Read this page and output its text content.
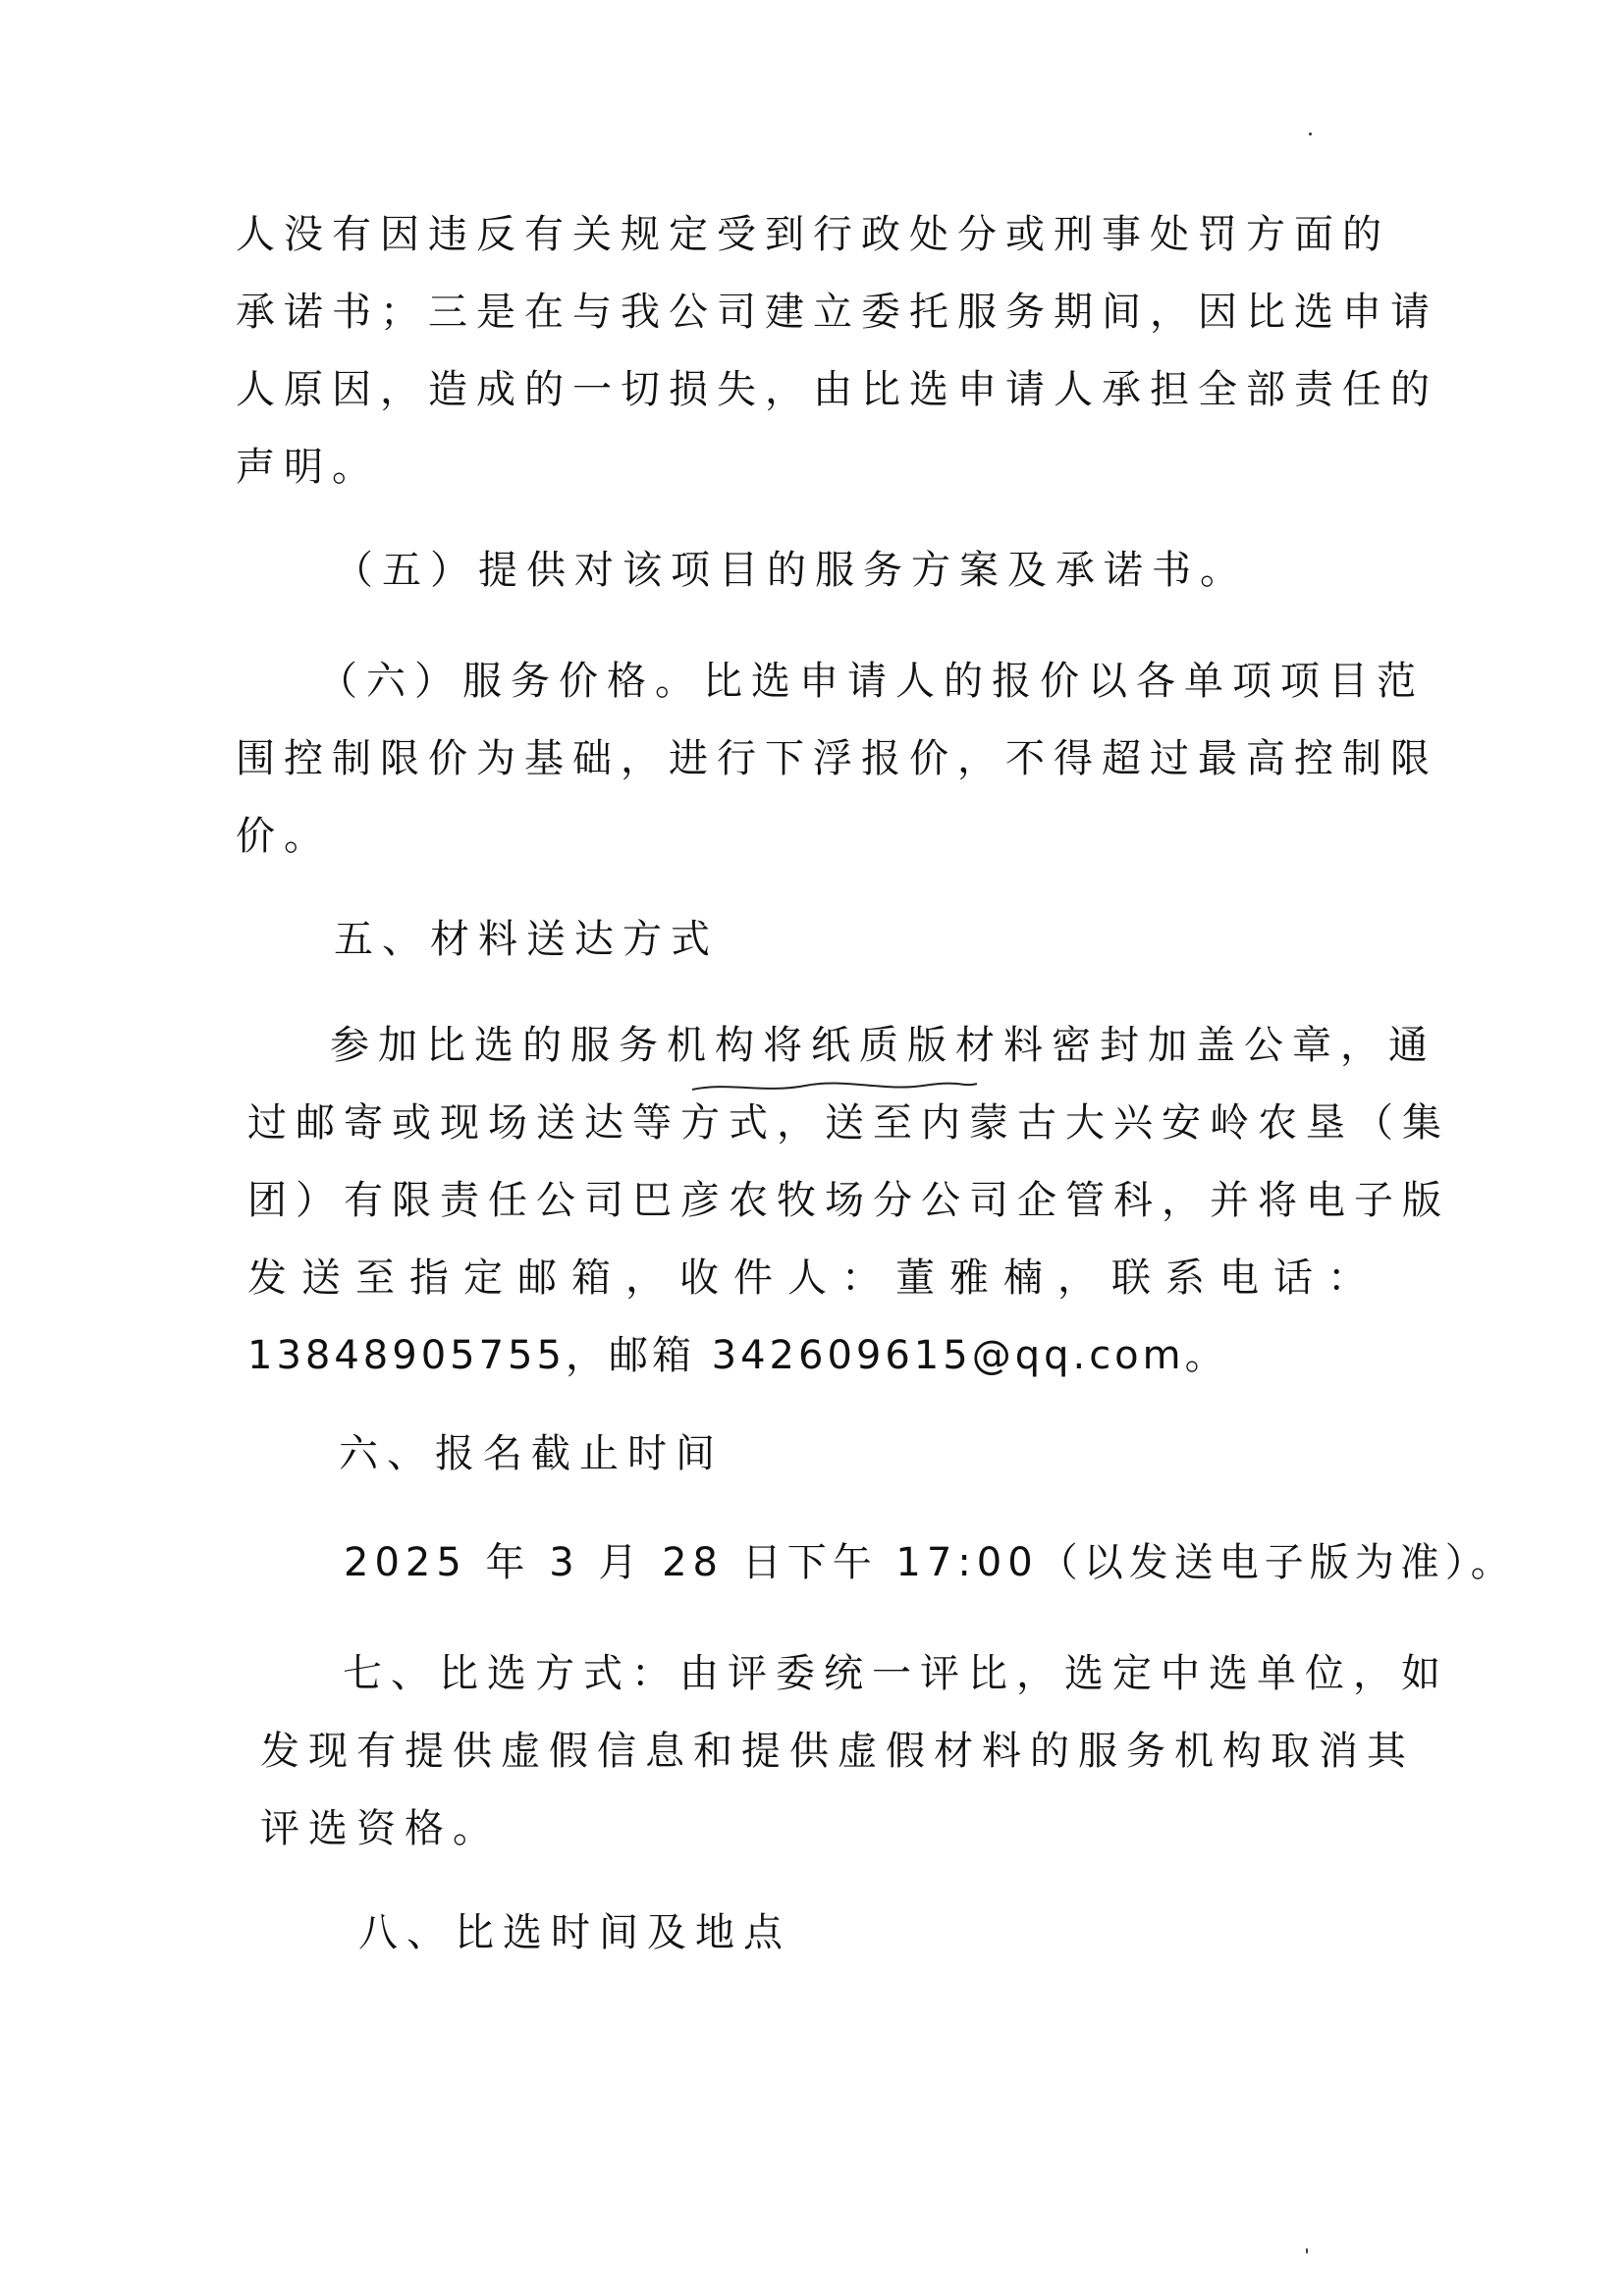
人没有因违反有关规定受到行政处分或刑事处罚方面的
承诺书；三是在与我公司建立委托服务期间，因比选申请
人原因，造成的一切损失，由比选申请人承担全部责任的
声明。
（五）提供对该项目的服务方案及承诺书。
（六）服务价格。比选申请人的报价以各单项项目范
围控制限价为基础，进行下浮报价，不得超过最高控制限
价。
五、材料送达方式
参加比选的服务机构将纸质版材料密封加盖公章，通
过邮寄或现场送达等方式，送至内蒙古大兴安岭农垦（集
团）有限责任公司巴彦农牧场分公司企管科，并将电子版
发送至指定邮箱，收件人：董雅楠，联系电话：
13848905755，邮箱 342609615@qq.com。
六、报名截止时间
2025 年 3 月 28 日下午 17:00（以发送电子版为准）。
七、比选方式：由评委统一评比，选定中选单位，如
发现有提供虚假信息和提供虚假材料的服务机构取消其
评选资格。
八、比选时间及地点
